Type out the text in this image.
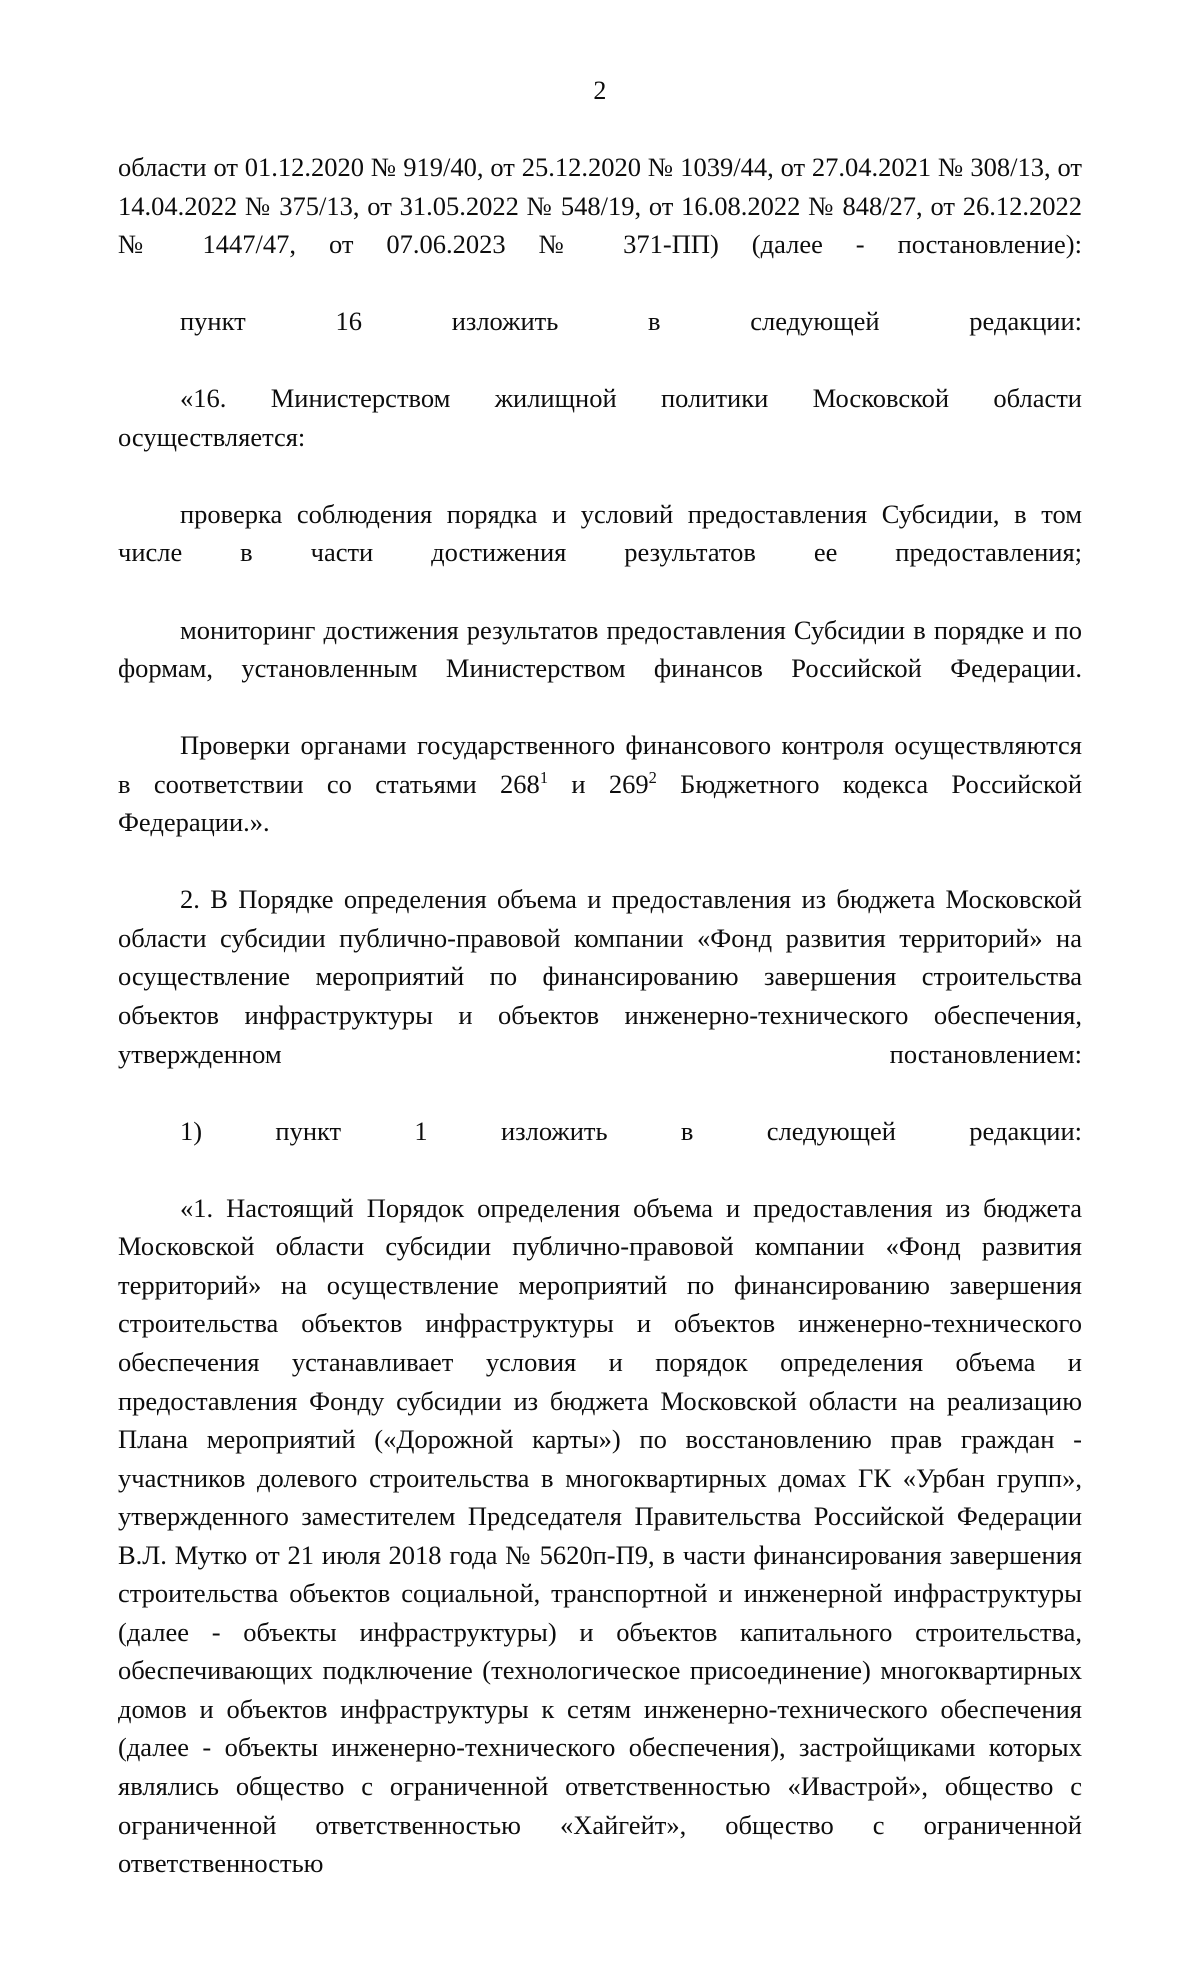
2

области от 01.12.2020 № 919/40, от 25.12.2020 № 1039/44, от 27.04.2021 № 308/13, от 14.04.2022 № 375/13, от 31.05.2022 № 548/19, от 16.08.2022 № 848/27, от 26.12.2022 № 1447/47, от 07.06.2023 № 371-ПП) (далее - постановление):

пункт 16 изложить в следующей редакции:

«16. Министерством жилищной политики Московской области осуществляется:

проверка соблюдения порядка и условий предоставления Субсидии, в том числе в части достижения результатов ее предоставления;

мониторинг достижения результатов предоставления Субсидии в порядке и по формам, установленным Министерством финансов Российской Федерации.

Проверки органами государственного финансового контроля осуществляются в соответствии со статьями $268^1$ и $269^2$ Бюджетного кодекса Российской Федерации.».

2. В Порядке определения объема и предоставления из бюджета Московской области субсидии публично-правовой компании «Фонд развития территорий» на осуществление мероприятий по финансированию завершения строительства объектов инфраструктуры и объектов инженерно-технического обеспечения, утвержденном постановлением:

1) пункт 1 изложить в следующей редакции:

«1. Настоящий Порядок определения объема и предоставления из бюджета Московской области субсидии публично-правовой компании «Фонд развития территорий» на осуществление мероприятий по финансированию завершения строительства объектов инфраструктуры и объектов инженерно-технического обеспечения устанавливает условия и порядок определения объема и предоставления Фонду субсидии из бюджета Московской области на реализацию Плана мероприятий («Дорожной карты») по восстановлению прав граждан - участников долевого строительства в многоквартирных домах ГК «Урбан групп», утвержденного заместителем Председателя Правительства Российской Федерации В.Л. Мутко от 21 июля 2018 года № 5620п-П9, в части финансирования завершения строительства объектов социальной, транспортной и инженерной инфраструктуры (далее - объекты инфраструктуры) и объектов капитального строительства, обеспечивающих подключение (технологическое присоединение) многоквартирных домов и объектов инфраструктуры к сетям инженерно-технического обеспечения (далее - объекты инженерно-технического обеспечения), застройщиками которых являлись общество с ограниченной ответственностью «Ивастрой», общество с ограниченной ответственностью «Хайгейт», общество с ограниченной ответственностью
